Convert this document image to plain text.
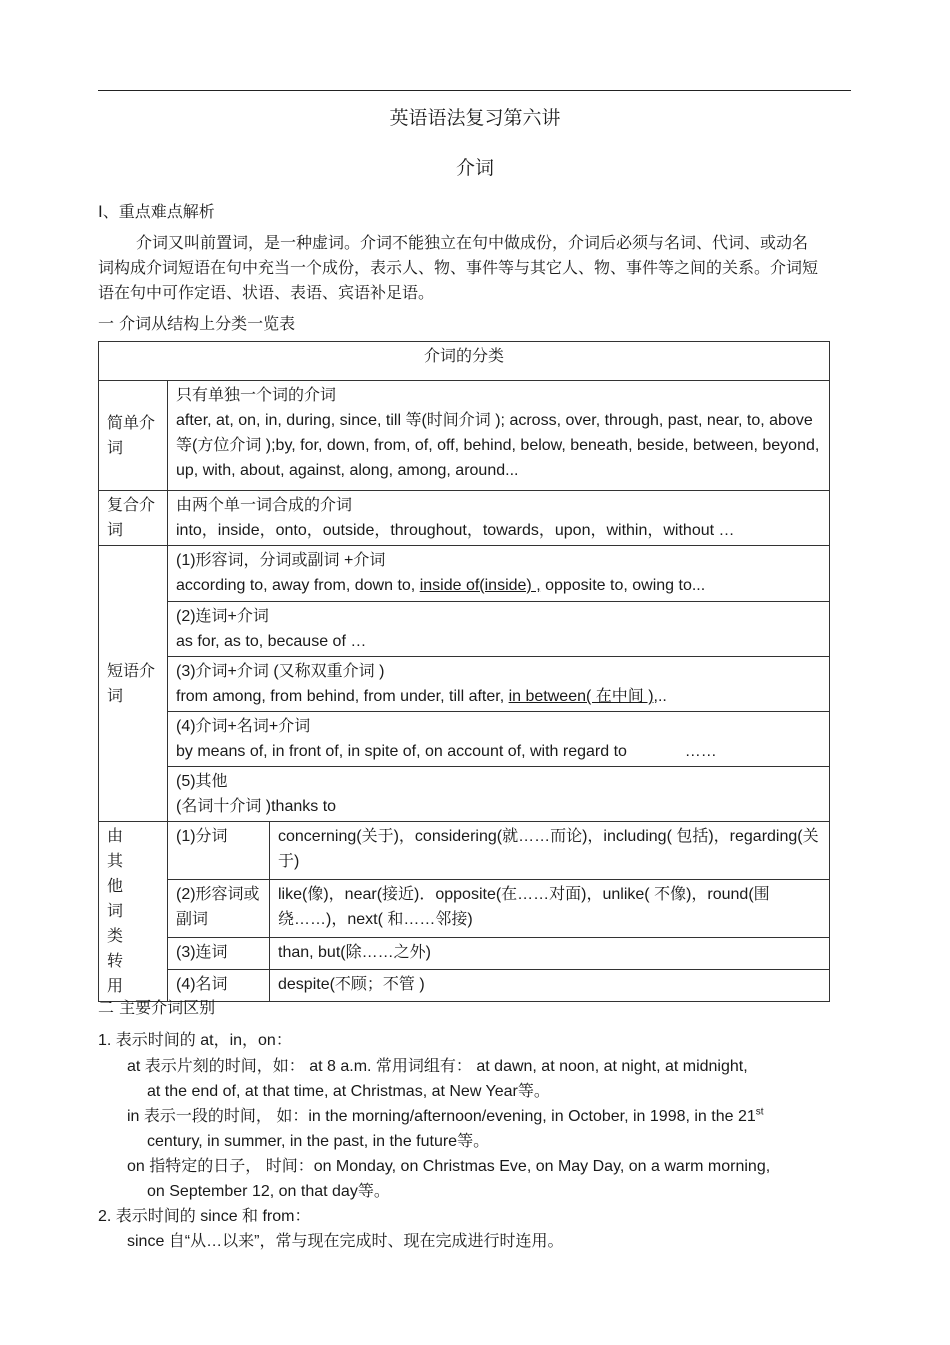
英语语法复习第六讲
介词
I、重点难点解析
介词又叫前置词，是一种虚词。介词不能独立在句中做成份，介词后必须与名词、代词、或动名词构成介词短语在句中充当一个成份，表示人、物、事件等与其它人、物、事件等之间的关系。介词短语在句中可作定语、状语、表语、宾语补足语。
一 介词从结构上分类一览表
介词的分类		
简单介词	只有单独一个词的介词
after, at, on, in, during, since, till 等(时间介词 ); across, over, through, past, near, to, above等(方位介词 );by, for, down, from, of, off, behind, below, beneath, beside, between, beyond, up, with, about, against, along, among, around...	

复合介词	由两个单一词合成的介词
into，inside，onto，outside，throughout，towards，upon，within，without …	

短语介词	(1)形容词，分词或副词 +介词
according to, away from, down to, inside of(inside) , opposite to, owing to...	

	(2)连词+介词
as for, as to, because of …	

	(3)介词+介词 (又称双重介词 )
from among, from behind, from under, till after, in between( 在中间 ),..	

	(4)介词+名词+介词
by means of, in front of, in spite of, on account of, with regard to             ……	

	(5)其他
(名词十介词 )thanks to	

由其他词类转用	(1)分词	concerning(关于)，considering(就……而论)，including( 包括)，regarding(关于)
	(2)形容词或副词	like(像)，near(接近)．opposite(在……对面)，unlike( 不像)，round(围绕……)，next( 和……邻接)
	(3)连词	than, but(除……之外)
	(4)名词	despite(不顾；不管 )
二 主要介词区别
1. 表示时间的 at，in，on：
at 表示片刻的时间，如： at 8 a.m. 常用词组有： at dawn, at noon, at night, at midnight,
at the end of, at that time, at Christmas, at New Year等。
in 表示一段的时间， 如：in the morning/afternoon/evening, in October, in 1998, in the 21st
century, in summer, in the past, in the future等。
on 指特定的日子， 时间：on Monday, on Christmas Eve, on May Day, on a warm morning,
on September 12, on that day等。
2. 表示时间的 since 和 from：
since 自“从…以来”，常与现在完成时、现在完成进行时连用。
